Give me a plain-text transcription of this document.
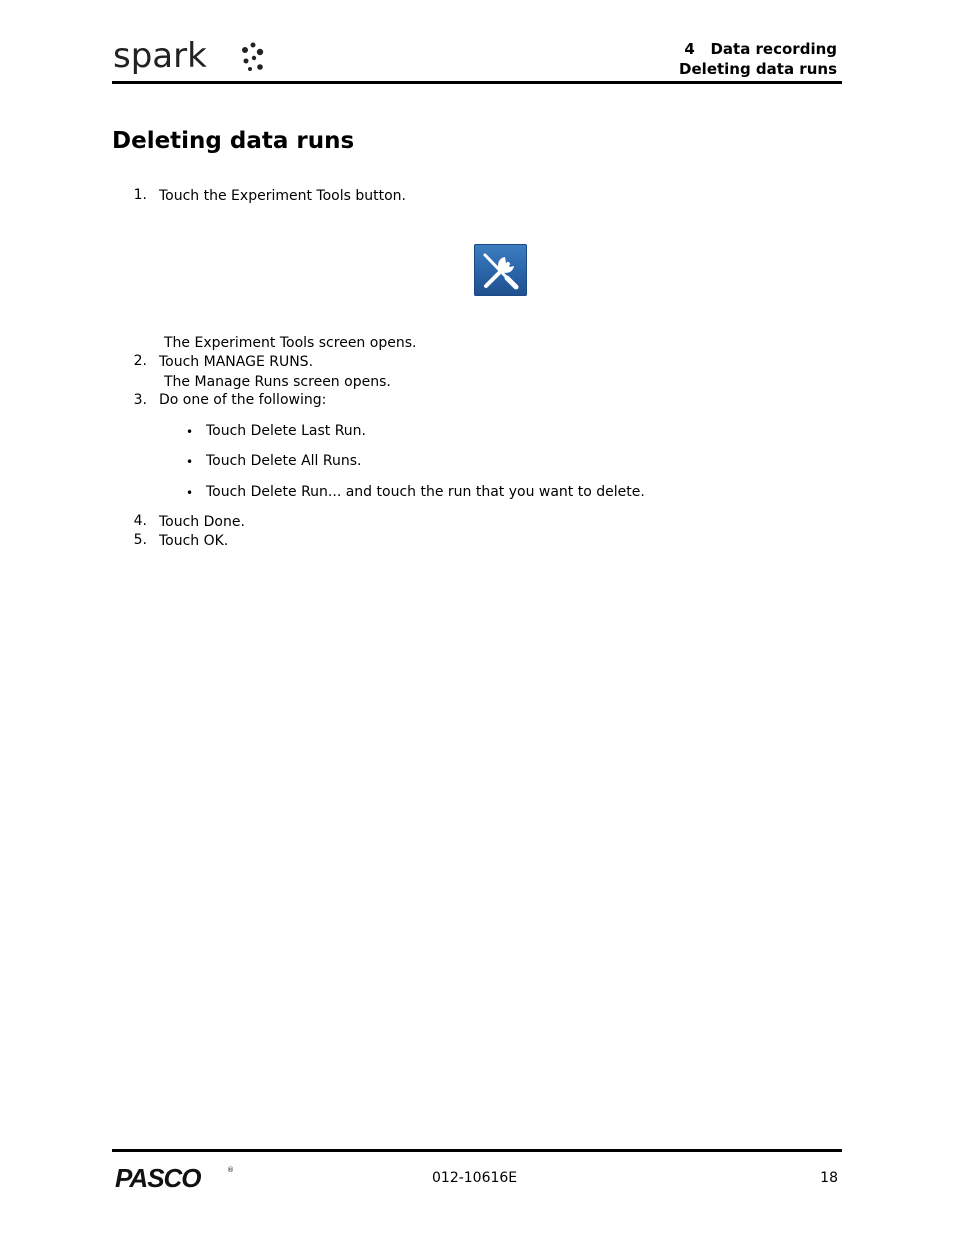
spark	4   Data recording
Deleting data runs
Deleting data runs
1. Touch the Experiment Tools button.
The Experiment Tools screen opens.
2. Touch MANAGE RUNS.
The Manage Runs screen opens.
3. Do one of the following:
• Touch Delete Last Run.
• Touch Delete All Runs.
• Touch Delete Run... and touch the run that you want to delete.
4. Touch Done.
5. Touch OK.
PASCO	®	012-10616E	18
